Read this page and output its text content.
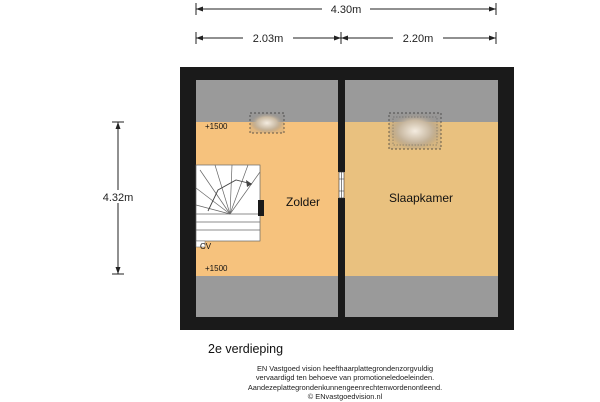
4.30m
2.03m	2.20m
4.32m	Zolder	Slaapkamer
+1500
+1500
CV
2e verdieping
EN Vastgoed vision heefthaarplattegrondenzorgvuldig
vervaardigd ten behoeve van promotioneledoeleinden.
Aandezeplattegrondenkunnengeenrechtenwordenontleend.
© ENvastgoedvision.nl
